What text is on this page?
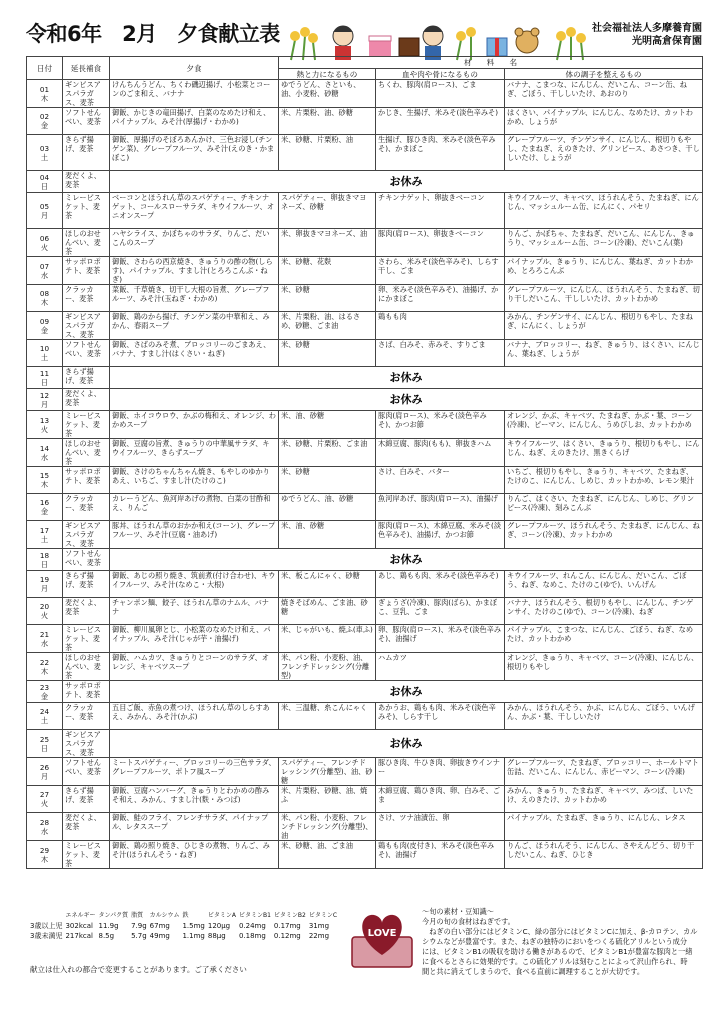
令和6年　2月　夕食献立表	社会福祉法人多摩養育園
光明高倉保育園
日付	延長補食	夕食	材　　料　　名		
			熱と力になるもの	血や肉や骨になるもの	体の調子を整えるもの

01
木	ギンビスアスパラガス、麦茶	けんちんうどん、ちくわ磯辺揚げ、小松菜とコーンのごま和え、バナナ	ゆでうどん、さといも、油、小麦粉、砂糖	ちくわ、豚肉(肩ロース)、ごま	バナナ、こまつな、にんじん、だいこん、コーン缶、ねぎ、ごぼう、干ししいたけ、あおのり

02
金	ソフトせんべい、麦茶	御飯、かじきの竜田揚げ、白菜のなめたけ和え、パイナップル、みそ汁(厚揚げ・わかめ)	米、片栗粉、油、砂糖	かじき、生揚げ、米みそ(淡色辛みそ)	はくさい、パイナップル、にんじん、なめたけ、カットわかめ、しょうが

03
土	きらず揚げ、麦茶	御飯、厚揚げのそぼろあんかけ、三色お浸し(チンゲン菜)、グレープフルーツ、みそ汁(えのき・かまぼこ)	米、砂糖、片栗粉、油	生揚げ、豚ひき肉、米みそ(淡色辛みそ)、かまぼこ	グレープフルーツ、チンゲンサイ、にんじん、根切りもやし、たまねぎ、えのきたけ、グリンピース、あさつき、干ししいたけ、しょうが

04
日	麦だくよ、麦茶	お休み			

05
月	ミレービスケット、麦茶	ベーコンとほうれん草のスパゲティー、チキンナゲット、コールスローサラダ、キウイフルーツ、オニオンスープ	スパゲティー、卵抜きマヨネーズ、砂糖	チキンナゲット、卵抜きベーコン	キウイフルーツ、キャベツ、ほうれんそう、たまねぎ、にんじん、マッシュルーム缶、にんにく、パセリ

06
火	ほしのおせんべい、麦茶	ハヤシライス、かぼちゃのサラダ、りんご、だいこんのスープ	米、卵抜きマヨネーズ、油	豚肉(肩ロース)、卵抜きベーコン	りんご、かぼちゃ、たまねぎ、だいこん、にんじん、きゅうり、マッシュルーム缶、コーン(冷凍)、だいこん(葉)

07
水	サッポロポテト、麦茶	御飯、さわらの西京焼き、きゅうりの酢の物(しらす)、パイナップル、すまし汁(とろろこんぶ・ねぎ)	米、砂糖、花麩	さわら、米みそ(淡色辛みそ)、しらす干し、ごま	パイナップル、きゅうり、にんじん、葉ねぎ、カットわかめ、とろろこんぶ

08
木	クラッカー、麦茶	菜飯、千草焼き、切干し大根の旨煮、グレープフルーツ、みそ汁(玉ねぎ・わかめ)	米、砂糖	卵、米みそ(淡色辛みそ)、油揚げ、かにかまぼこ	グレープフルーツ、にんじん、ほうれんそう、たまねぎ、切り干しだいこん、干ししいたけ、カットわかめ

09
金	ギンビスアスパラガス、麦茶	御飯、鶏のから揚げ、チンゲン菜の中華和え、みかん、春雨スープ	米、片栗粉、油、はるさめ、砂糖、ごま油	鶏もも肉	みかん、チンゲンサイ、にんじん、根切りもやし、たまねぎ、にんにく、しょうが

10
土	ソフトせんべい、麦茶	御飯、さばのみそ煮、ブロッコリーのごまあえ、バナナ、すまし汁(はくさい・ねぎ)	米、砂糖	さば、白みそ、赤みそ、すりごま	バナナ、ブロッコリー、ねぎ、きゅうり、はくさい、にんじん、葉ねぎ、しょうが

11
日	きらず揚げ、麦茶	お休み			

12
月	麦だくよ、麦茶	お休み			

13
火	ミレービスケット、麦茶	御飯、ホイコウロウ、かぶの梅和え、オレンジ、わかめスープ	米、油、砂糖	豚肉(肩ロース)、米みそ(淡色辛みそ)、かつお節	オレンジ、かぶ、キャベツ、たまねぎ、かぶ・葉、コーン(冷凍)、ピーマン、にんじん、うめびしお、カットわかめ

14
水	ほしのおせんべい、麦茶	御飯、豆腐の旨煮、きゅうりの中華風サラダ、キウイフルーツ、きらずスープ	米、砂糖、片栗粉、ごま油	木綿豆腐、豚肉(もも)、卵抜きハム	キウイフルーツ、はくさい、きゅうり、根切りもやし、にんじん、ねぎ、えのきたけ、黒きくらげ

15
木	サッポロポテト、麦茶	御飯、さけのちゃんちゃん焼き、もやしのゆかりあえ、いちご、すまし汁(たけのこ)	米、砂糖	さけ、白みそ、バター	いちご、根切りもやし、きゅうり、キャベツ、たまねぎ、たけのこ、にんじん、しめじ、カットわかめ、レモン果汁

16
金	クラッカー、麦茶	カレーうどん、魚河岸あげの煮物、白菜の甘酢和え、りんご	ゆでうどん、油、砂糖	魚河岸あげ、豚肉(肩ロース)、油揚げ	りんご、はくさい、たまねぎ、にんじん、しめじ、グリンピース(冷凍)、刻みこんぶ

17
土	ギンビスアスパラガス、麦茶	豚丼、ほうれん草のおかか和え(コーン)、グレープフルーツ、みそ汁(豆腐・油あげ)	米、油、砂糖	豚肉(肩ロース)、木綿豆腐、米みそ(淡色辛みそ)、油揚げ、かつお節	グレープフルーツ、ほうれんそう、たまねぎ、にんじん、ねぎ、コーン(冷凍)、カットわかめ

18
日	ソフトせんべい、麦茶	お休み			

19
月	きらず揚げ、麦茶	御飯、あじの照り焼き、筑前煮(付け合わせ)、キウイフルーツ、みそ汁(なめこ・大根)	米、板こんにゃく、砂糖	あじ、鶏もも肉、米みそ(淡色辛みそ)	キウイフルーツ、れんこん、にんじん、だいこん、ごぼう、ねぎ、なめこ、たけのこ(ゆで)、いんげん

20
火	麦だくよ、麦茶	チャンポン麺、餃子、ほうれん草のナムル、バナナ	焼きそばめん、ごま油、砂糖	ぎょうざ(冷凍)、豚肉(ばら)、かまぼこ、豆乳、ごま	バナナ、ほうれんそう、根切りもやし、にんじん、チンゲンサイ、たけのこ(ゆで)、コーン(冷凍)、ねぎ

21
水	ミレービスケット、麦茶	御飯、柳川風卵とじ、小松菜のなめたけ和え、パイナップル、みそ汁(じゃが芋・油揚げ)	米、じゃがいも、焼ふ(車ふ)	卵、豚肉(肩ロース)、米みそ(淡色辛みそ)、油揚げ	パイナップル、こまつな、にんじん、ごぼう、ねぎ、なめたけ、カットわかめ

22
木	ほしのおせんべい、麦茶	御飯、ハムカツ、きゅうりとコーンのサラダ、オレンジ、キャベツスープ	米、パン粉、小麦粉、油、フレンチドレッシング(分離型)	ハムカツ	オレンジ、きゅうり、キャベツ、コーン(冷凍)、にんじん、根切りもやし

23
金	サッポロポテト、麦茶	お休み			

24
土	クラッカー、麦茶	五目ご飯、赤魚の煮つけ、ほうれん草のしらすあえ、みかん、みそ汁(かぶ)	米、三温糖、糸こんにゃく	あかうお、鶏もも肉、米みそ(淡色辛みそ)、しらす干し	みかん、ほうれんそう、かぶ、にんじん、ごぼう、いんげん、かぶ・葉、干ししいたけ

25
日	ギンビスアスパラガス、麦茶	お休み			

26
月	ソフトせんべい、麦茶	ミートスパゲティー、ブロッコリーの三色サラダ、グレープフルーツ、ポトフ風スープ	スパゲティー、フレンチドレッシング(分離型)、油、砂糖	豚ひき肉、牛ひき肉、卵抜きウインナー	グレープフルーツ、たまねぎ、ブロッコリー、ホールトマト缶詰、だいこん、にんじん、赤ピーマン、コーン(冷凍)

27
火	きらず揚げ、麦茶	御飯、豆腐ハンバーグ、きゅうりとわかめの酢みそ和え、みかん、すまし汁(麩・みつば)	米、片栗粉、砂糖、油、焼ふ	木綿豆腐、鶏ひき肉、卵、白みそ、ごま	みかん、きゅうり、たまねぎ、キャベツ、みつば、しいたけ、えのきたけ、カットわかめ

28
水	麦だくよ、麦茶	御飯、鮭のフライ、フレンチサラダ、パイナップル、レタススープ	米、パン粉、小麦粉、フレンチドレッシング(分離型)、油	さけ、ツナ油漬缶、卵	パイナップル、たまねぎ、きゅうり、にんじん、レタス

29
木	ミレービスケット、麦茶	御飯、鶏の照り焼き、ひじきの煮物、りんご、みそ汁(ほうれんそう・ねぎ)	米、砂糖、油、ごま油	鶏もも肉(皮付き)、米みそ(淡色辛みそ)、油揚げ	りんご、ほうれんそう、にんじん、さやえんどう、切り干しだいこん、ねぎ、ひじき
	エネルギー	タンパク質	脂質	カルシウム	鉄	ビタミンA	ビタミンB1	ビタミンB2	ビタミンC
3歳以上児	302kcal	11.9g	7.9g	67mg	1.5mg	120μg	0.24mg	0.17mg	31mg
3歳未満児	217kcal	8.5g	5.7g	49mg	1.1mg	88μg	0.18mg	0.12mg	22mg
献立は仕入れの都合で変更することがあります。ご了承ください
LOVE
～旬の素材・豆知識～
今月の旬の食材はねぎです。
　ねぎの白い部分にはビタミンC、緑の部分にはビタミンCに加え、β-カロテン、カル
シウムなどが豊富です。また、ねぎの独特のにおいをつくる硫化アリルという成分
には、ビタミンB1の吸収を助ける働きがあるので、ビタミンB1が豊富な豚肉と一緒
に食べるとさらに効果的です。この硫化アリルは刻むことによって沢山作られ、時
間と共に消えてしまうので、食べる直前に調理することが大切です。
